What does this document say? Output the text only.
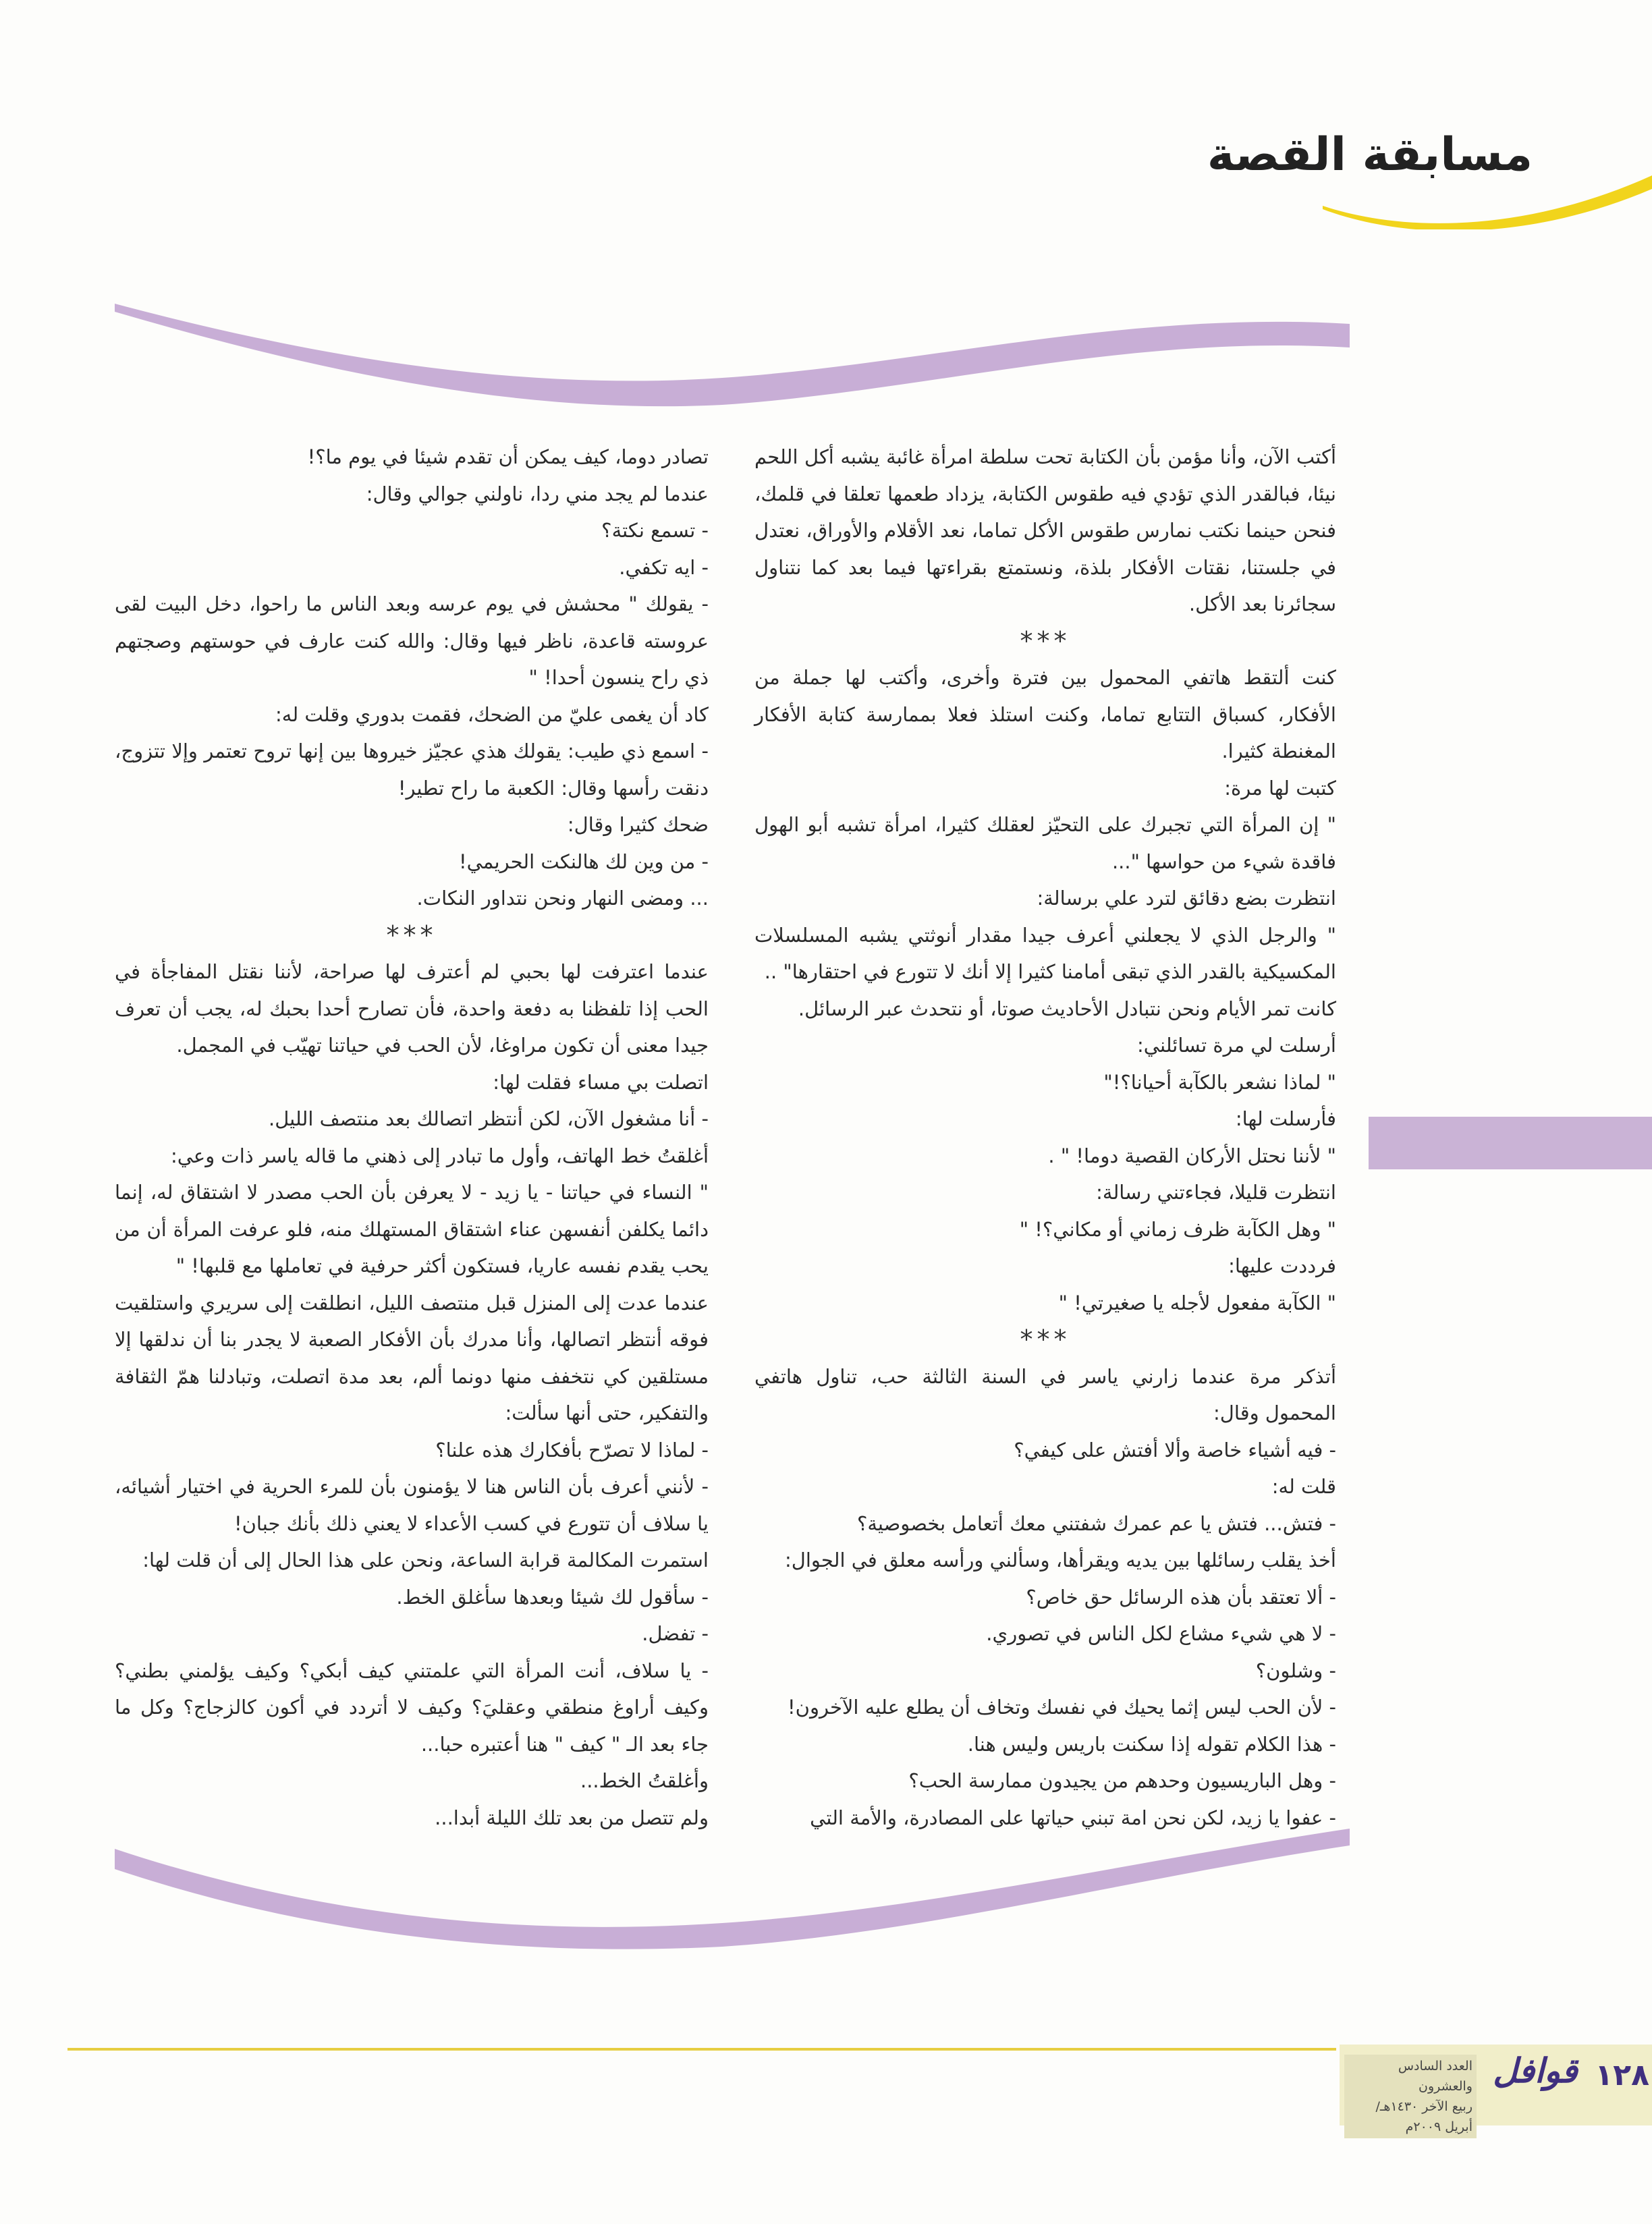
مسابقة القصة

أكتب الآن، وأنا مؤمن بأن الكتابة تحت سلطة امرأة غائبة يشبه أكل اللحم نيئا، فبالقدر الذي تؤدي فيه طقوس الكتابة، يزداد طعمها تعلقا في قلمك، فنحن حينما نكتب نمارس طقوس الأكل تماما، نعد الأقلام والأوراق، نعتدل في جلستنا، نقتات الأفكار بلذة، ونستمتع بقراءتها فيما بعد كما نتناول سجائرنا بعد الأكل.

***

كنت ألتقط هاتفي المحمول بين فترة وأخرى، وأكتب لها جملة من الأفكار، كسباق التتابع تماما، وكنت استلذ فعلا بممارسة كتابة الأفكار المغنطة كثيرا.

كتبت لها مرة:

" إن المرأة التي تجبرك على التحيّز لعقلك كثيرا، امرأة تشبه أبو الهول فاقدة شيء من حواسها "...

انتظرت بضع دقائق لترد علي برسالة:

" والرجل الذي لا يجعلني أعرف جيدا مقدار أنوثتي يشبه المسلسلات المكسيكية بالقدر الذي تبقى أمامنا كثيرا إلا أنك لا تتورع في احتقارها" ..

كانت تمر الأيام ونحن نتبادل الأحاديث صوتا، أو نتحدث عبر الرسائل.

أرسلت لي مرة تسائلني:

" لماذا نشعر بالكآبة أحيانا؟!"

فأرسلت لها:

" لأننا نحتل الأركان القصية دوما! " .

انتظرت قليلا، فجاءتني رسالة:

" وهل الكآبة ظرف زماني أو مكاني؟! "

فرددت عليها:

" الكآبة مفعول لأجله يا صغيرتي! "

***

أتذكر مرة عندما زارني ياسر في السنة الثالثة حب، تناول هاتفي المحمول وقال:

- فيه أشياء خاصة وألا أفتش على كيفي؟

قلت له:

- فتش... فتش يا عم عمرك شفتني معك أتعامل بخصوصية؟

أخذ يقلب رسائلها بين يديه ويقرأها، وسألني ورأسه معلق في الجوال:

- ألا تعتقد بأن هذه الرسائل حق خاص؟

- لا هي شيء مشاع لكل الناس في تصوري.

- وشلون؟

- لأن الحب ليس إثما يحيك في نفسك وتخاف أن يطلع عليه الآخرون!

- هذا الكلام تقوله إذا سكنت باريس وليس هنا.

- وهل الباريسيون وحدهم من يجيدون ممارسة الحب؟

- عفوا يا زيد، لكن نحن امة تبني حياتها على المصادرة، والأمة التي

تصادر دوما، كيف يمكن أن تقدم شيئا في يوم ما؟!

عندما لم يجد مني ردا، ناولني جوالي وقال:

- تسمع نكتة؟

- ايه تكفي.

- يقولك " محشش في يوم عرسه وبعد الناس ما راحوا، دخل البيت لقى عروسته قاعدة، ناظر فيها وقال: والله كنت عارف في حوستهم وصجتهم ذي راح ينسون أحدا! "

كاد أن يغمى عليّ من الضحك، فقمت بدوري وقلت له:

- اسمع ذي طيب: يقولك هذي عجيّز خيروها بين إنها تروح تعتمر وإلا تتزوج، دنقت رأسها وقال: الكعبة ما راح تطير!

ضحك كثيرا وقال:

- من وين لك هالنكت الحريمي!

... ومضى النهار ونحن نتداور النكات.

***

عندما اعترفت لها بحبي لم أعترف لها صراحة، لأننا نقتل المفاجأة في الحب إذا تلفظنا به دفعة واحدة، فأن تصارح أحدا بحبك له، يجب أن تعرف جيدا معنى أن تكون مراوغا، لأن الحب في حياتنا تهيّب في المجمل.

اتصلت بي مساء فقلت لها:

- أنا مشغول الآن، لكن أنتظر اتصالك بعد منتصف الليل.

أغلقتُ خط الهاتف، وأول ما تبادر إلى ذهني ما قاله ياسر ذات وعي:

" النساء في حياتنا - يا زيد - لا يعرفن بأن الحب مصدر لا اشتقاق له، إنما دائما يكلفن أنفسهن عناء اشتقاق المستهلك منه، فلو عرفت المرأة أن من يحب يقدم نفسه عاريا، فستكون أكثر حرفية في تعاملها مع قلبها! "

عندما عدت إلى المنزل قبل منتصف الليل، انطلقت إلى سريري واستلقيت فوقه أنتظر اتصالها، وأنا مدرك بأن الأفكار الصعبة لا يجدر بنا أن ندلقها إلا مستلقين كي نتخفف منها دونما ألم، بعد مدة اتصلت، وتبادلنا همّ الثقافة والتفكير، حتى أنها سألت:

- لماذا لا تصرّح بأفكارك هذه علنا؟

- لأنني أعرف بأن الناس هنا لا يؤمنون بأن للمرء الحرية في اختيار أشيائه، يا سلاف أن تتورع في كسب الأعداء لا يعني ذلك بأنك جبان!

استمرت المكالمة قرابة الساعة، ونحن على هذا الحال إلى أن قلت لها:

- سأقول لك شيئا وبعدها سأغلق الخط.

- تفضل.

- يا سلاف، أنت المرأة التي علمتني كيف أبكي؟ وكيف يؤلمني بطني؟ وكيف أراوغ منطقي وعقليَ؟ وكيف لا أتردد في أكون كالزجاج؟ وكل ما جاء بعد الـ " كيف " هنا أعتبره حبا...

وأغلقتُ الخط...

ولم تتصل من بعد تلك الليلة أبدا...

١٢٨
قوافل
العدد السادس والعشرون
ربيع الآخر ١٤٣٠هـ/ أبريل ٢٠٠٩م
